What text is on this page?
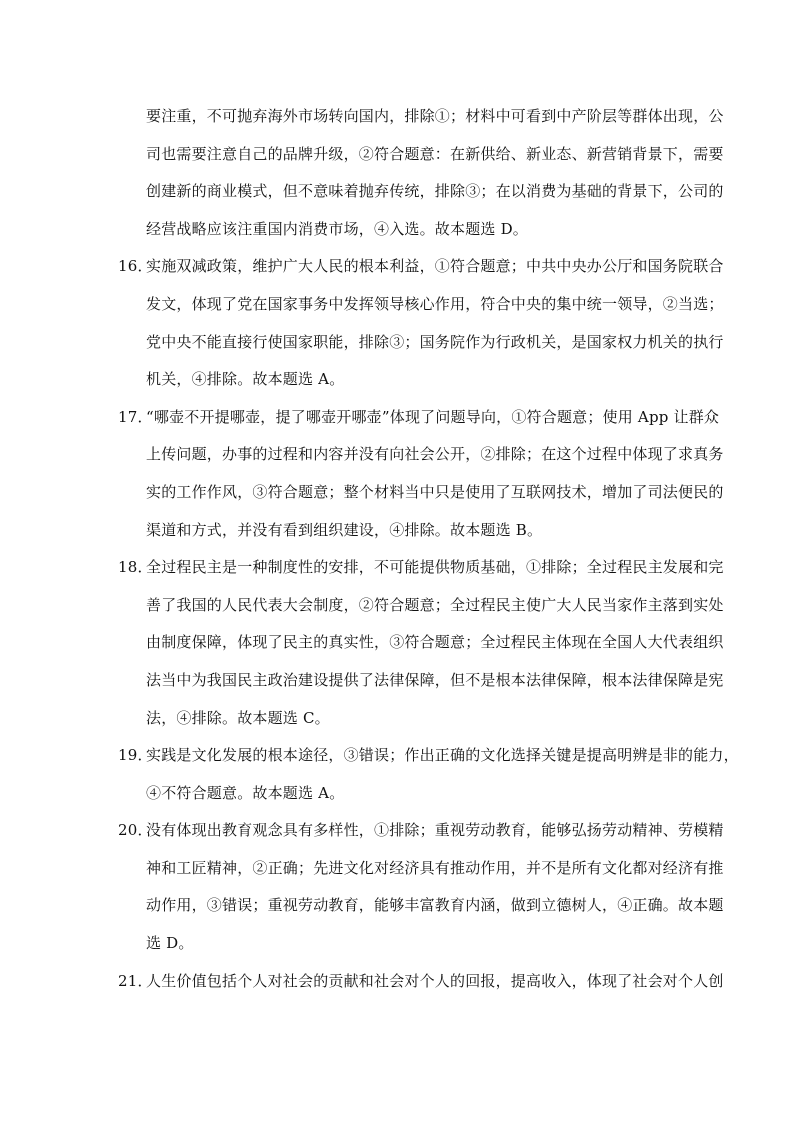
要注重，不可抛弃海外市场转向国内，排除①；材料中可看到中产阶层等群体出现，公
司也需要注意自己的品牌升级，②符合题意：在新供给、新业态、新营销背景下，需要
创建新的商业模式，但不意味着抛弃传统，排除③；在以消费为基础的背景下，公司的
经营战略应该注重国内消费市场，④入选。故本题选 D。
16．实施双减政策，维护广大人民的根本利益，①符合题意；中共中央办公厅和国务院联合
发文，体现了党在国家事务中发挥领导核心作用，符合中央的集中统一领导，②当选；
党中央不能直接行使国家职能，排除③；国务院作为行政机关，是国家权力机关的执行
机关，④排除。故本题选 A。
17．“哪壶不开提哪壶，提了哪壶开哪壶”体现了问题导向，①符合题意；使用 App 让群众
上传问题，办事的过程和内容并没有向社会公开，②排除；在这个过程中体现了求真务
实的工作作风，③符合题意；整个材料当中只是使用了互联网技术，增加了司法便民的
渠道和方式，并没有看到组织建设，④排除。故本题选 B。
18．全过程民主是一种制度性的安排，不可能提供物质基础，①排除；全过程民主发展和完
善了我国的人民代表大会制度，②符合题意；全过程民主使广大人民当家作主落到实处
由制度保障，体现了民主的真实性，③符合题意；全过程民主体现在全国人大代表组织
法当中为我国民主政治建设提供了法律保障，但不是根本法律保障，根本法律保障是宪
法，④排除。故本题选 C。
19．实践是文化发展的根本途径，③错误；作出正确的文化选择关键是提高明辨是非的能力，
④不符合题意。故本题选 A。
20．没有体现出教育观念具有多样性，①排除；重视劳动教育，能够弘扬劳动精神、劳模精
神和工匠精神，②正确；先进文化对经济具有推动作用，并不是所有文化都对经济有推
动作用，③错误；重视劳动教育，能够丰富教育内涵，做到立德树人，④正确。故本题
选 D。
21．人生价值包括个人对社会的贡献和社会对个人的回报，提高收入，体现了社会对个人创
